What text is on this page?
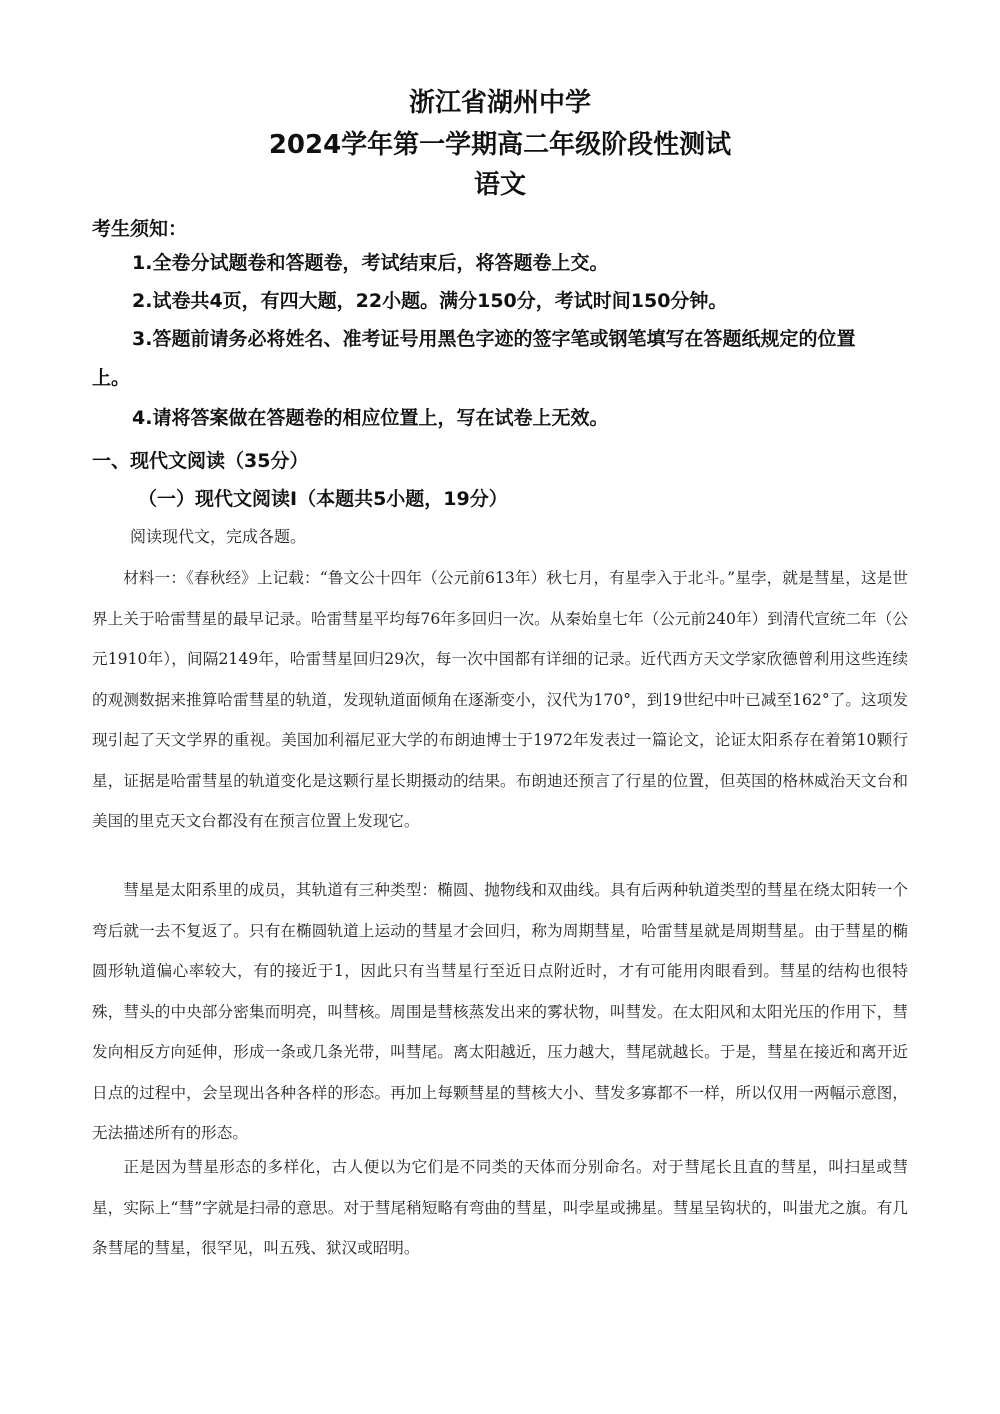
浙江省湖州中学
2024学年第一学期高二年级阶段性测试
语文
考生须知：
1.全卷分试题卷和答题卷，考试结束后，将答题卷上交。
2.试卷共4页，有四大题，22小题。满分150分，考试时间150分钟。
3.答题前请务必将姓名、准考证号用黑色字迹的签字笔或钢笔填写在答题纸规定的位置
上。
4.请将答案做在答题卷的相应位置上，写在试卷上无效。
一、现代文阅读（35分）
（一）现代文阅读Ⅰ（本题共5小题，19分）
阅读现代文，完成各题。
材料一：《春秋经》上记载：“鲁文公十四年（公元前613年）秋七月，有星孛入于北斗。”星孛，就是彗星，这是世界上关于哈雷彗星的最早记录。哈雷彗星平均每76年多回归一次。从秦始皇七年（公元前240年）到清代宣统二年（公元1910年），间隔2149年，哈雷彗星回归29次，每一次中国都有详细的记录。近代西方天文学家欣德曾利用这些连续的观测数据来推算哈雷彗星的轨道，发现轨道面倾角在逐渐变小，汉代为170°，到19世纪中叶已减至162°了。这项发现引起了天文学界的重视。美国加利福尼亚大学的布朗迪博士于1972年发表过一篇论文，论证太阳系存在着第10颗行星，证据是哈雷彗星的轨道变化是这颗行星长期摄动的结果。布朗迪还预言了行星的位置，但英国的格林威治天文台和美国的里克天文台都没有在预言位置上发现它。
彗星是太阳系里的成员，其轨道有三种类型：椭圆、抛物线和双曲线。具有后两种轨道类型的彗星在绕太阳转一个弯后就一去不复返了。只有在椭圆轨道上运动的彗星才会回归，称为周期彗星，哈雷彗星就是周期彗星。由于彗星的椭圆形轨道偏心率较大，有的接近于1，因此只有当彗星行至近日点附近时，才有可能用肉眼看到。彗星的结构也很特殊，彗头的中央部分密集而明亮，叫彗核。周围是彗核蒸发出来的雾状物，叫彗发。在太阳风和太阳光压的作用下，彗发向相反方向延伸，形成一条或几条光带，叫彗尾。离太阳越近，压力越大，彗尾就越长。于是，彗星在接近和离开近日点的过程中，会呈现出各种各样的形态。再加上每颗彗星的彗核大小、彗发多寡都不一样，所以仅用一两幅示意图，无法描述所有的形态。
正是因为彗星形态的多样化，古人便以为它们是不同类的天体而分别命名。对于彗尾长且直的彗星，叫扫星或彗星，实际上“彗”字就是扫帚的意思。对于彗尾稍短略有弯曲的彗星，叫孛星或拂星。彗星呈钩状的，叫蚩尤之旗。有几条彗尾的彗星，很罕见，叫五残、狱汉或昭明。
